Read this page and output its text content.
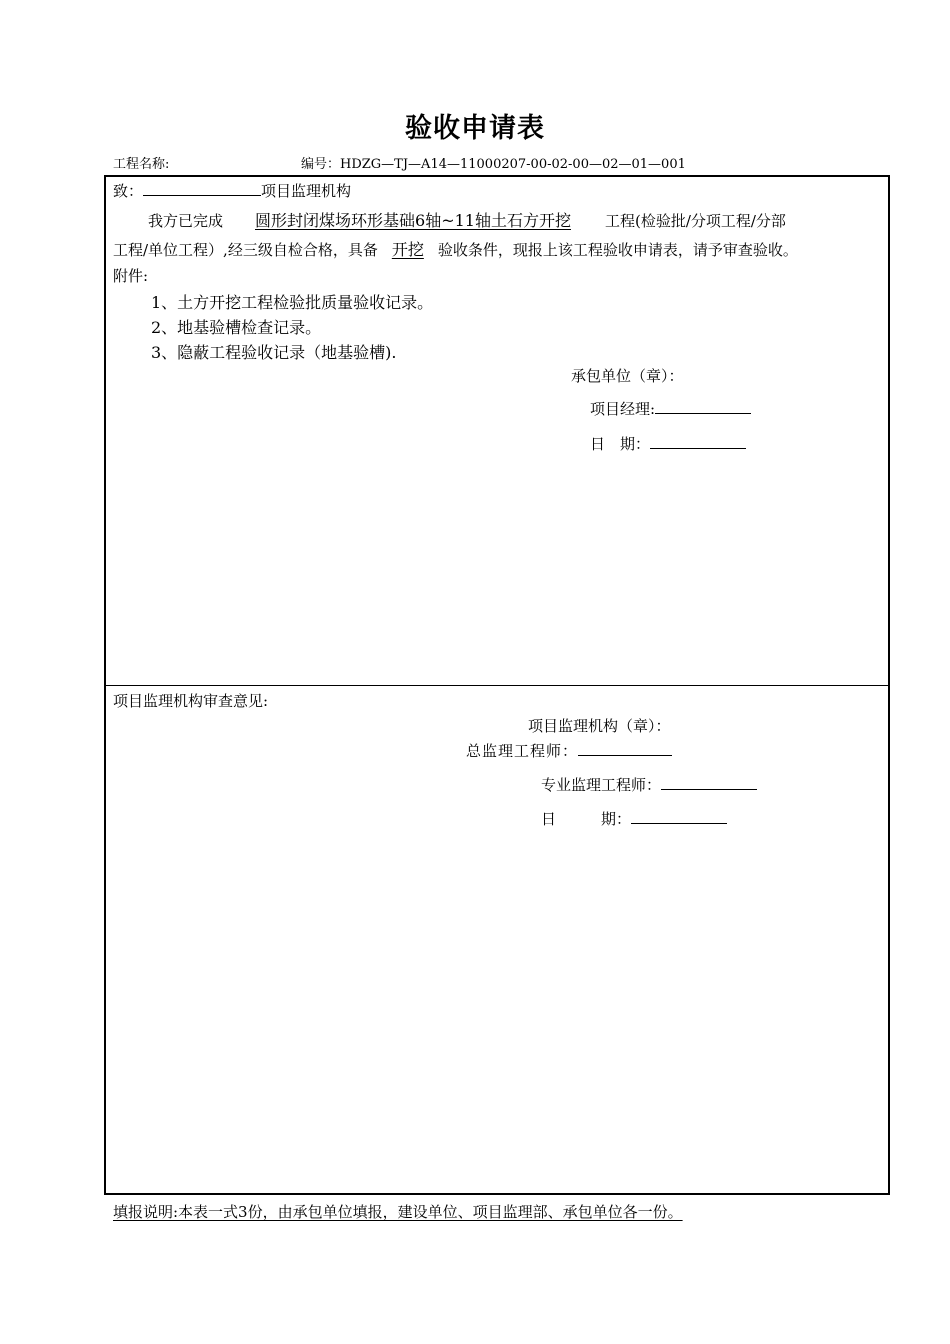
验收申请表
工程名称:	编号：HDZG—TJ—A14—11000207-00-02-00—02—01—001
致：	项目监理机构
我方已完成 圆形封闭煤场环形基础6轴~11轴土石方开挖 工程(检验批/分项工程/分部
工程/单位工程）,经三级自检合格，具备 开挖 验收条件，现报上该工程验收申请表，请予审查验收。
附件:
1、土方开挖工程检验批质量验收记录。
2、地基验槽检查记录。
3、隐蔽工程验收记录（地基验槽).
承包单位（章）：
项目经理:
日　期：
项目监理机构审查意见:
项目监理机构（章）：
总监理工程师：
专业监理工程师：
日　　　期：
填报说明:本表一式3份，由承包单位填报，建设单位、项目监理部、承包单位各一份。
